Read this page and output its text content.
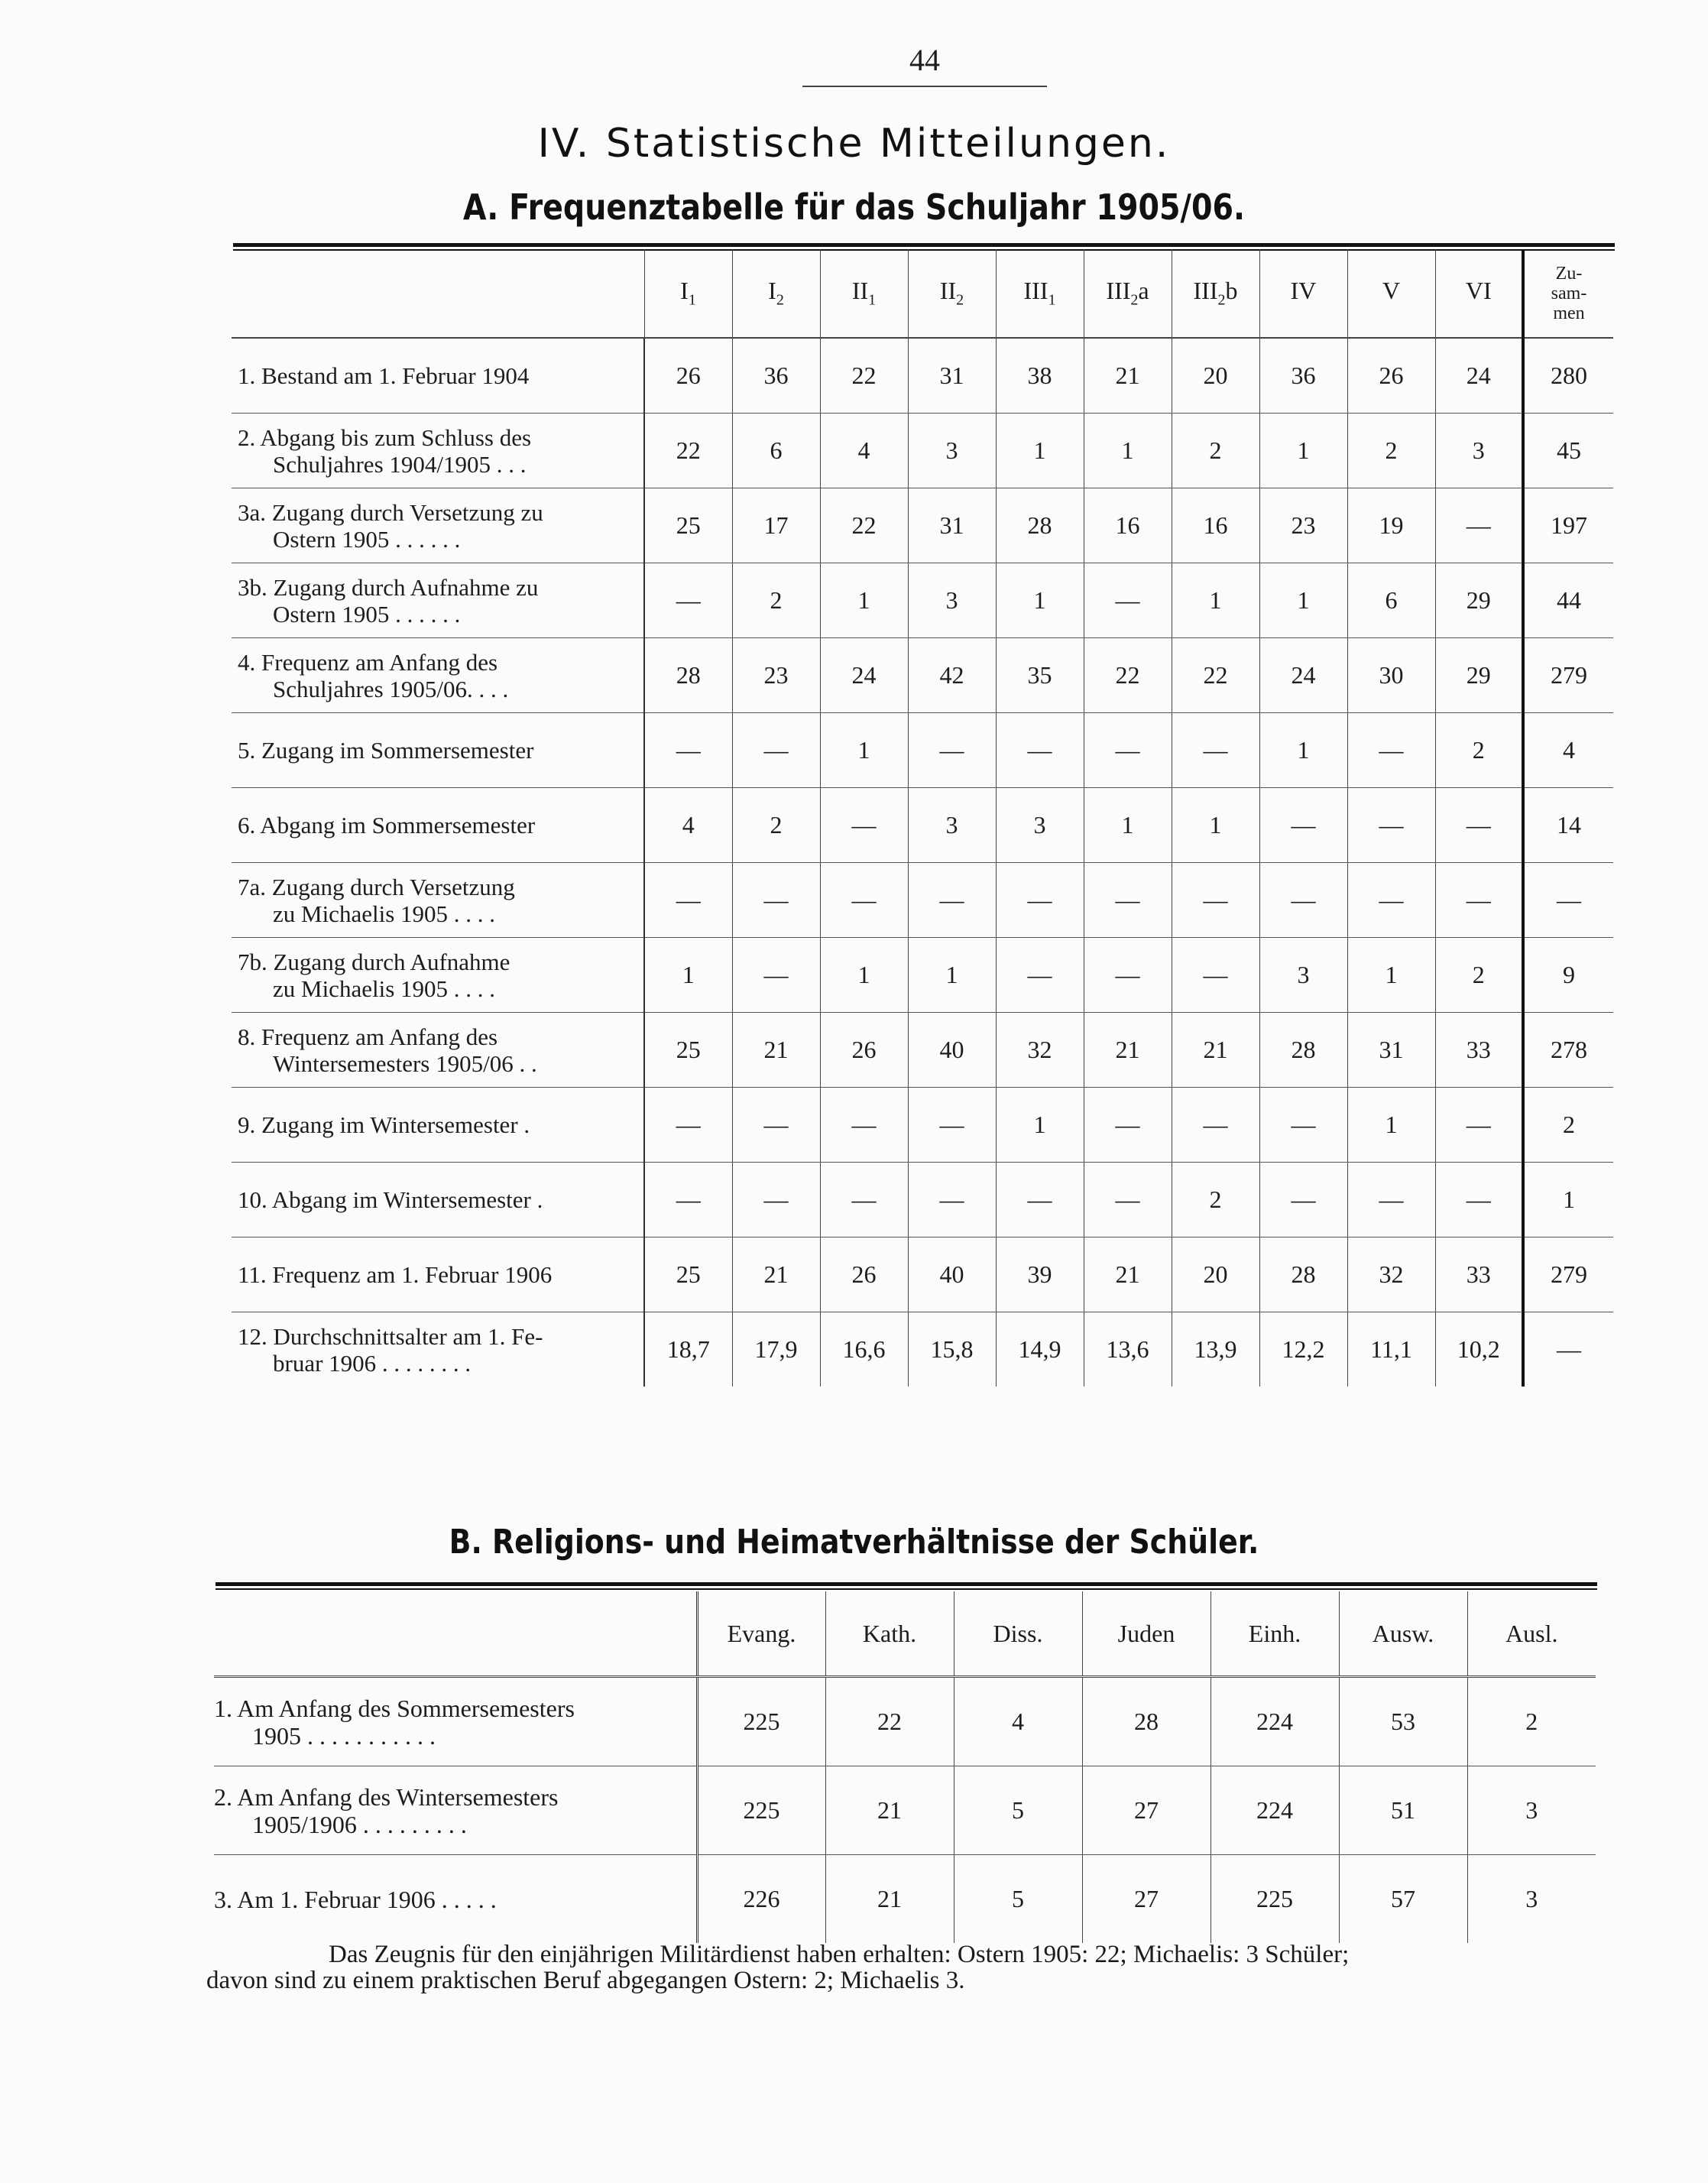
44
IV. Statistische Mitteilungen.
A. Frequenztabelle für das Schuljahr 1905/06.
	$I_1$	$I_2$	$II_1$	$II_2$	$III_1$	$III_2a$	$III_2b$	IV	V	VI	Zu-
sam-
men

1. Bestand am 1. Februar 1904	26	36	22	31	38	21	20	36	26	24	280

2. Abgang bis zum Schluss des
Schuljahres 1904/1905 . . .	22	6	4	3	1	1	2	1	2	3	45

3a. Zugang durch Versetzung zu
Ostern 1905 . . . . . .	25	17	22	31	28	16	16	23	19	—	197

3b. Zugang durch Aufnahme zu
Ostern 1905 . . . . . .	—	2	1	3	1	—	1	1	6	29	44

4. Frequenz am Anfang des
Schuljahres 1905/06. . . .	28	23	24	42	35	22	22	24	30	29	279

5. Zugang im Sommersemester	—	—	1	—	—	—	—	1	—	2	4

6. Abgang im Sommersemester	4	2	—	3	3	1	1	—	—	—	14

7a. Zugang durch Versetzung
zu Michaelis 1905 . . . .	—	—	—	—	—	—	—	—	—	—	—

7b. Zugang durch Aufnahme
zu Michaelis 1905 . . . .	1	—	1	1	—	—	—	3	1	2	9

8. Frequenz am Anfang des
Wintersemesters 1905/06 . .	25	21	26	40	32	21	21	28	31	33	278

9. Zugang im Wintersemester .	—	—	—	—	1	—	—	—	1	—	2

10. Abgang im Wintersemester .	—	—	—	—	—	—	2	—	—	—	1

11. Frequenz am 1. Februar 1906	25	21	26	40	39	21	20	28	32	33	279

12. Durchschnittsalter am 1. Fe-
bruar 1906 . . . . . . . .	18,7	17,9	16,6	15,8	14,9	13,6	13,9	12,2	11,1	10,2	—
B. Religions- und Heimatverhältnisse der Schüler.
	Evang.	Kath.	Diss.	Juden	Einh.	Ausw.	Ausl.

1. Am Anfang des Sommersemesters
1905 . . . . . . . . . . .	225	22	4	28	224	53	2

2. Am Anfang des Wintersemesters
1905/1906 . . . . . . . . .	225	21	5	27	224	51	3

3. Am 1. Februar 1906 . . . . .	226	21	5	27	225	57	3
Das Zeugnis für den einjährigen Militärdienst haben erhalten: Ostern 1905: 22; Michaelis: 3 Schüler;
davon sind zu einem praktischen Beruf abgegangen Ostern: 2; Michaelis 3.
